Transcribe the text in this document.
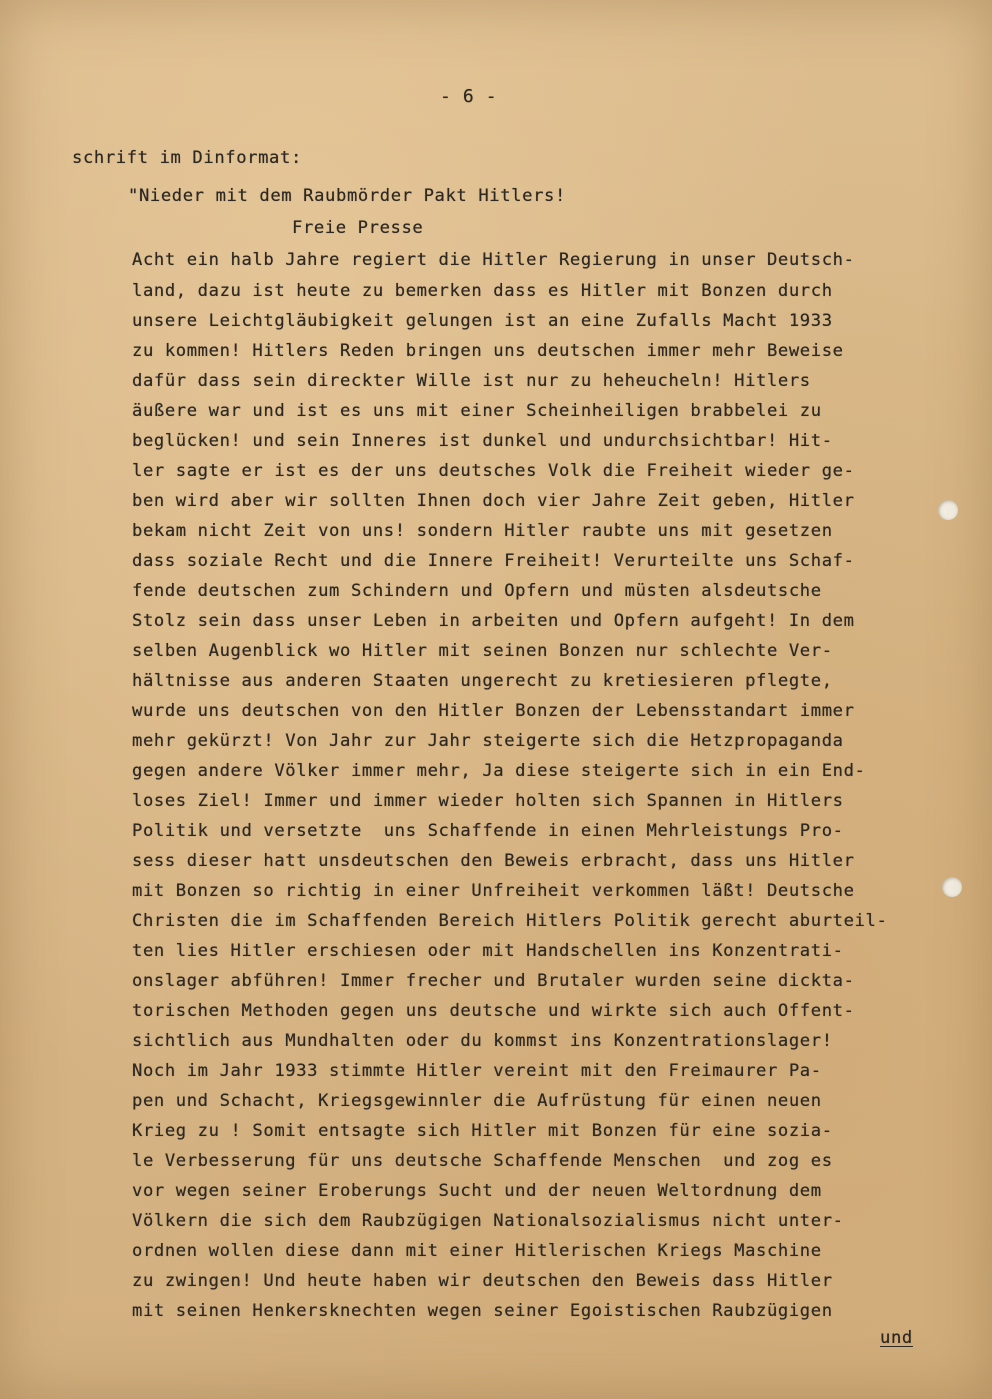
- 6 -
schrift im Dinformat:
"Nieder mit dem Raubmörder Pakt Hitlers!
Freie Presse
Acht ein halb Jahre regiert die Hitler Regierung in unser Deutsch-
land, dazu ist heute zu bemerken dass es Hitler mit Bonzen durch
unsere Leichtgläubigkeit gelungen ist an eine Zufalls Macht 1933
zu kommen! Hitlers Reden bringen uns deutschen immer mehr Beweise
dafür dass sein direckter Wille ist nur zu heheucheln! Hitlers
äußere war und ist es uns mit einer Scheinheiligen brabbelei zu
beglücken! und sein Inneres ist dunkel und undurchsichtbar! Hit-
ler sagte er ist es der uns deutsches Volk die Freiheit wieder ge-
ben wird aber wir sollten Ihnen doch vier Jahre Zeit geben, Hitler
bekam nicht Zeit von uns! sondern Hitler raubte uns mit gesetzen
dass soziale Recht und die Innere Freiheit! Verurteilte uns Schaf-
fende deutschen zum Schindern und Opfern und müsten alsdeutsche
Stolz sein dass unser Leben in arbeiten und Opfern aufgeht! In dem
selben Augenblick wo Hitler mit seinen Bonzen nur schlechte Ver-
hältnisse aus anderen Staaten ungerecht zu kretiesieren pflegte,
wurde uns deutschen von den Hitler Bonzen der Lebensstandart immer
mehr gekürzt! Von Jahr zur Jahr steigerte sich die Hetzpropaganda
gegen andere Völker immer mehr, Ja diese steigerte sich in ein End-
loses Ziel! Immer und immer wieder holten sich Spannen in Hitlers
Politik und versetzte  uns Schaffende in einen Mehrleistungs Pro-
sess dieser hatt unsdeutschen den Beweis erbracht, dass uns Hitler
mit Bonzen so richtig in einer Unfreiheit verkommen läßt! Deutsche
Christen die im Schaffenden Bereich Hitlers Politik gerecht aburteil-
ten lies Hitler erschiesen oder mit Handschellen ins Konzentrati-
onslager abführen! Immer frecher und Brutaler wurden seine dickta-
torischen Methoden gegen uns deutsche und wirkte sich auch Offent-
sichtlich aus Mundhalten oder du kommst ins Konzentrationslager!
Noch im Jahr 1933 stimmte Hitler vereint mit den Freimaurer Pa-
pen und Schacht, Kriegsgewinnler die Aufrüstung für einen neuen
Krieg zu ! Somit entsagte sich Hitler mit Bonzen für eine sozia-
le Verbesserung für uns deutsche Schaffende Menschen  und zog es
vor wegen seiner Eroberungs Sucht und der neuen Weltordnung dem
Völkern die sich dem Raubzügigen Nationalsozialismus nicht unter-
ordnen wollen diese dann mit einer Hitlerischen Kriegs Maschine
zu zwingen! Und heute haben wir deutschen den Beweis dass Hitler
mit seinen Henkersknechten wegen seiner Egoistischen Raubzügigen
und
